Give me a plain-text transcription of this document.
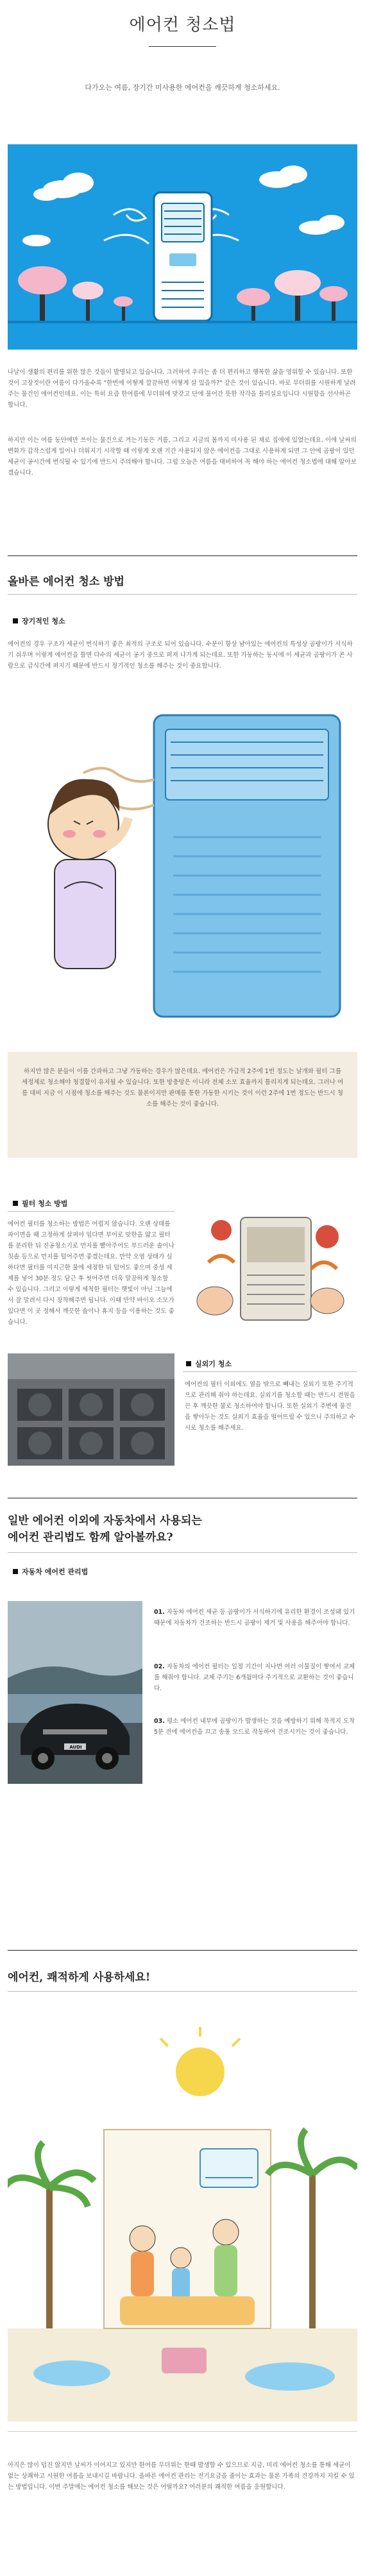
에어컨 청소법
다가오는 여름, 장기간 미사용한 에어컨을 깨끗하게 청소하세요.
나날이 생활의 편리를 위한 많은 것들이 발명되고 있습니다. 그러하여 우리는 좀 더 편리하고 행복한 삶을 영위할 수 있습니다. 또한 것이 고장것이란 여름이 다가올수록 "한번에 어떻게 깔끔하면 어떻게 살 있을까?" 같은 것이 있습니다. 바로 무더위를 시원하게 날려주는 물건인 에어컨인데요. 이는 특히 요즘 한여름에 무더위에 맞갖고 단에 물어간 뜻한 작각을 틀리실요입니다 시원함을 선사하곤 합니다.
하지만 이는 여름 동안에만 쓰이는 물건으로 겨는기동은 거름, 그리고 지금의 봄까지 미사용 된 채로 집에에 있었는데요. 이에 날씨의 변화가 갑작스럽게 일어나 더워지기 시작할 때 이렇게 오랜 기간 사용되지 않은 에어컨을 그대로 사용하게 되면 그 안에 곰팡이 있던 세균이 공시간에 번식될 수 있기에 반드시 주의해야 합니다. 그럼 오늘은 여름을 대비하여 꼭 해야 하는 에어컨 청소법에 대해 알아보겠습니다.
올바른 에어컨 청소 방법
장기적인 청소
에어컨의 경우 구조가 세균이 번식하기 좋은 최적의 구조로 되어 있습니다. 수분이 항상 남아있는 에어컨의 특성상 곰팡이가 서식하기 쉬우며 이렇게 에어컨을 틀면 다수의 세균이 공기 중으로 퍼져 나가게 되는데요. 또한 가동하는 동시에 이 세균과 곰팡이가 콘 사람으로 급식간에 퍼지기 때문에 반드시 정기적인 청소를 해주는 것이 중요합니다.
하지만 많은 분들이 이를 간과하고 그냥 가동하는 경우가 많은데요. 에어컨은 가급적 2주에 1번 정도는 날개와 필터 그를 세정제로 청소해야 청결함이 유지될 수 있습니다. 또한 방충망은 이니라 전체 소모 효율까지 틀리지게 되는데요. 그러나 여름 대비 지금 이 시점에 청소를 해주는 것도 물론이지만 판매를 통한 가동한 시키는 것이 이런 2주에 1번 정도는 반드시 청소를 해주는 것이 좋습니다.
필터 청소 방법
에어컨 필터를 청소하는 방법은 어렵지 않습니다. 오랜 상태를 파이면을 때 고정하게 살펴야 임다면 부어로 맞한을 얇고 필터를 분리한 뒤 진공청소기로 먼지를 빨아주어도 부드러운 솔이나 칫솔 등으로 먼지를 털어주면 좋겠는데요. 만약 오염 상태가 심하다면 필터를 미지근한 물에 세정한 뒤 털어도 좋으며 중성 세제를 넣어 30분 정도 담근 후 씻어주면 더욱 말끔하게 청소할 수 있습니다. 그리고 이렇게 세척한 필터는 햇빛이 아닌 그늘에서 잘 말려서 다시 장착해주면 됩니다. 이때 만약 바이오 소모가 있다면 이 곳 정해서 깨끗한 솔이나 휴지 등을 이용하는 것도 좋습니다.
실외기 청소
에어컨의 필터 이외에도 열을 밖으로 빼내는 실외기 또한 주기적으로 관리해 줘야 하는데요. 실외기를 청소할 때는 반드시 전원을 끈 후 깨끗한 물로 청소하여야 합니다. 또한 실외기 주변에 물건을 쌓아두는 것도 실외기 효율을 떨어뜨릴 수 있으니 주의하고 수시로 청소를 해주세요.
일반 에어컨 이외에 자동차에서 사용되는
에어컨 관리법도 함께 알아볼까요?
자동차 에어컨 관리법
AUDI
01. 자동차 에어컨 세균 등 곰팡이가 서식하기에 유리한 환경이 조성돼 있기 때문에 자동차가 건조하는 반드시 곰팡이 제거 및 사용을 해주어야 합니다.
02. 자동차의 에어컨 필터는 일정 기간이 지나면 여러 이물질이 쌓여서 교체를 해줘야 합니다. 교체 주기는 6개월마다 주기적으로 교환하는 것이 좋습니다.
03. 평소 에어컨 내부에 곰팡이가 발생하는 것을 예방하기 위해 목적지 도착 5분 전에 에어컨을 끄고 송풍 모드로 작동하여 건조시키는 것이 좋습니다.
에어컨, 쾌적하게 사용하세요!
아직은 많이 덥진 않지만 날씨가 이어지고 있지만 한여름 무더위는 한때 발생할 수 있으므로 지금, 미리 에어컨 청소를 통해 세균이 없는 상쾌하고 시원한 여름을 보내시길 바랍니다. 올바른 에어컨 관리는 전기요금을 줄이는 효과는 물론 가족의 건강까지 지킬 수 있는 방법입니다. 이번 주말에는 에어컨 청소를 해보는 것은 어떨까요? 여러분의 쾌적한 여름을 응원합니다.
